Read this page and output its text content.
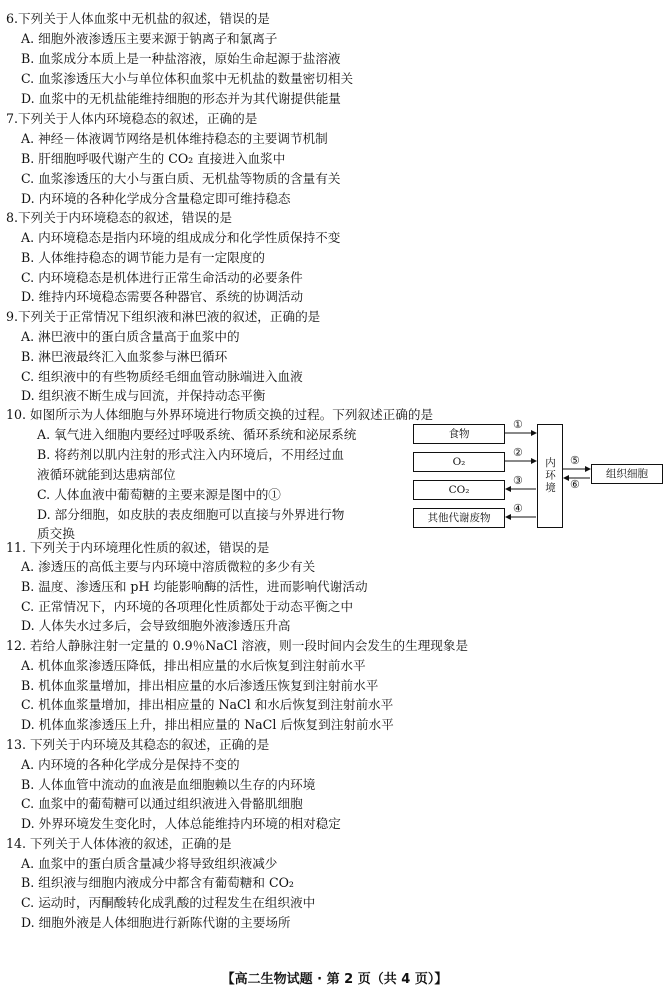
6.下列关于人体血浆中无机盐的叙述，错误的是
A. 细胞外液渗透压主要来源于钠离子和氯离子
B. 血浆成分本质上是一种盐溶液，原始生命起源于盐溶液
C. 血浆渗透压大小与单位体积血浆中无机盐的数量密切相关
D. 血浆中的无机盐能维持细胞的形态并为其代谢提供能量
7.下列关于人体内环境稳态的叙述，正确的是
A. 神经－体液调节网络是机体维持稳态的主要调节机制
B. 肝细胞呼吸代谢产生的 CO₂ 直接进入血浆中
C. 血浆渗透压的大小与蛋白质、无机盐等物质的含量有关
D. 内环境的各种化学成分含量稳定即可维持稳态
8.下列关于内环境稳态的叙述，错误的是
A. 内环境稳态是指内环境的组成成分和化学性质保持不变
B. 人体维持稳态的调节能力是有一定限度的
C. 内环境稳态是机体进行正常生命活动的必要条件
D. 维持内环境稳态需要各种器官、系统的协调活动
9.下列关于正常情况下组织液和淋巴液的叙述，正确的是
A. 淋巴液中的蛋白质含量高于血浆中的
B. 淋巴液最终汇入血浆参与淋巴循环
C. 组织液中的有些物质经毛细血管动脉端进入血液
D. 组织液不断生成与回流，并保持动态平衡
10. 如图所示为人体细胞与外界环境进行物质交换的过程。下列叙述正确的是
A. 氧气进入细胞内要经过呼吸系统、循环系统和泌尿系统
B. 将药剂以肌内注射的形式注入内环境后，不用经过血
液循环就能到达患病部位
C. 人体血液中葡萄糖的主要来源是图中的①
D. 部分细胞，如皮肤的表皮细胞可以直接与外界进行物
质交换
食物
O₂
CO₂
其他代谢废物
内环境	组织细胞
①
②
③
④
⑤
⑥
11. 下列关于内环境理化性质的叙述，错误的是
A. 渗透压的高低主要与内环境中溶质微粒的多少有关
B. 温度、渗透压和 pH 均能影响酶的活性，进而影响代谢活动
C. 正常情况下，内环境的各项理化性质都处于动态平衡之中
D. 人体失水过多后，会导致细胞外液渗透压升高
12. 若给人静脉注射一定量的 0.9％NaCl 溶液，则一段时间内会发生的生理现象是
A. 机体血浆渗透压降低，排出相应量的水后恢复到注射前水平
B. 机体血浆量增加，排出相应量的水后渗透压恢复到注射前水平
C. 机体血浆量增加，排出相应量的 NaCl 和水后恢复到注射前水平
D. 机体血浆渗透压上升，排出相应量的 NaCl 后恢复到注射前水平
13. 下列关于内环境及其稳态的叙述，正确的是
A. 内环境的各种化学成分是保持不变的
B. 人体血管中流动的血液是血细胞赖以生存的内环境
C. 血浆中的葡萄糖可以通过组织液进入骨骼肌细胞
D. 外界环境发生变化时，人体总能维持内环境的相对稳定
14. 下列关于人体体液的叙述，正确的是
A. 血浆中的蛋白质含量减少将导致组织液减少
B. 组织液与细胞内液成分中都含有葡萄糖和 CO₂
C. 运动时，丙酮酸转化成乳酸的过程发生在组织液中
D. 细胞外液是人体细胞进行新陈代谢的主要场所
【高二生物试题 · 第 2 页（共 4 页）】
